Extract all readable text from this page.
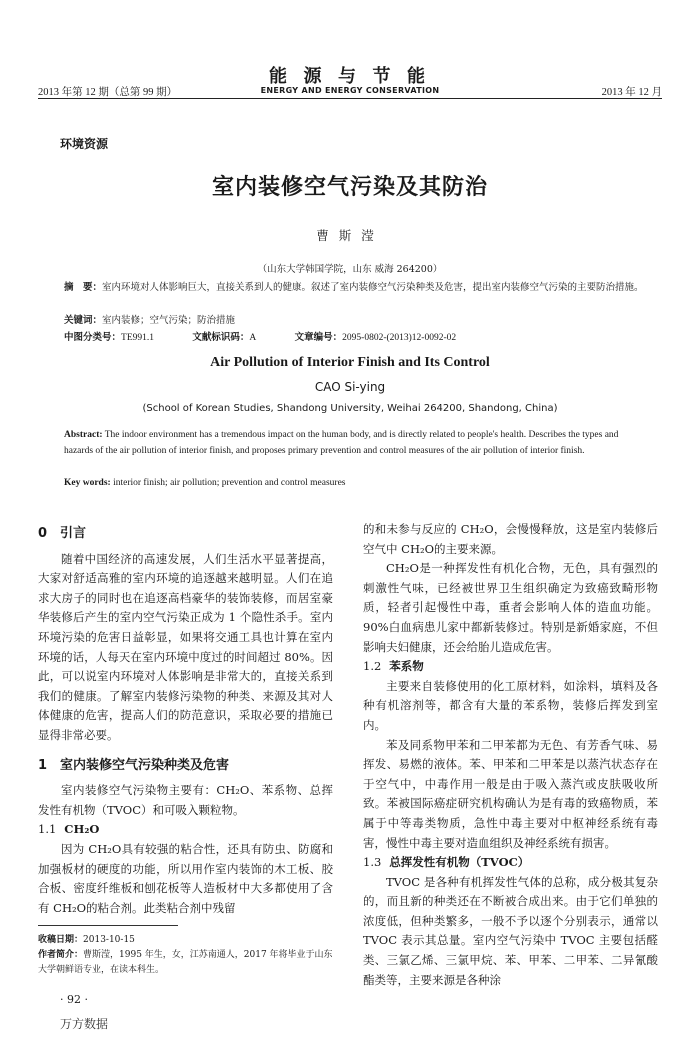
2013 年第 12 期（总第 99 期）
能 源 与 节 能
ENERGY AND ENERGY CONSERVATION	2013 年 12 月
环境资源
室内装修空气污染及其防治
曹斯滢
（山东大学韩国学院，山东 威海 264200）
摘　要：室内环境对人体影响巨大，直接关系到人的健康。叙述了室内装修空气污染种类及危害，提出室内装修空气污染的主要防治措施。
关键词：室内装修；空气污染；防治措施
中图分类号：TE991.1	文献标识码：A	文章编号：2095-0802-(2013)12-0092-02
Air Pollution of Interior Finish and Its Control
CAO Si-ying
(School of Korean Studies, Shandong University, Weihai 264200, Shandong, China)
Abstract: The indoor environment has a tremendous impact on the human body, and is directly related to people's health. Describes the types and hazards of the air pollution of interior finish, and proposes primary prevention and control measures of the air pollution of interior finish.
Key words: interior finish; air pollution; prevention and control measures
0　引言

随着中国经济的高速发展，人们生活水平显著提高，大家对舒适高雅的室内环境的追逐越来越明显。人们在追求大房子的同时也在追逐高档豪华的装饰装修，而居室豪华装修后产生的室内空气污染正成为 1 个隐性杀手。室内环境污染的危害日益彰显，如果将交通工具也计算在室内环境的话，人每天在室内环境中度过的时间超过 80%。因此，可以说室内环境对人体影响是非常大的，直接关系到我们的健康。了解室内装修污染物的种类、来源及其对人体健康的危害，提高人们的防范意识，采取必要的措施已显得非常必要。

1　室内装修空气污染种类及危害

室内装修空气污染物主要有：CH₂O、苯系物、总挥发性有机物（TVOC）和可吸入颗粒物。

1.1 CH₂O

因为 CH₂O具有较强的粘合性，还具有防虫、防腐和加强板材的硬度的功能，所以用作室内装饰的木工板、胶合板、密度纤维板和刨花板等人造板材中大多都使用了含有 CH₂O的粘合剂。此类粘合剂中残留

的和未参与反应的 CH₂O，会慢慢释放，这是室内装修后空气中 CH₂O的主要来源。

CH₂O是一种挥发性有机化合物，无色，具有强烈的刺激性气味，已经被世界卫生组织确定为致癌致畸形物质，轻者引起慢性中毒，重者会影响人体的造血功能。90%白血病患儿家中都新装修过。特别是新婚家庭，不但影响夫妇健康，还会给胎儿造成危害。

1.2 苯系物

主要来自装修使用的化工原材料，如涂料，填料及各种有机溶剂等，都含有大量的苯系物，装修后挥发到室内。

苯及同系物甲苯和二甲苯都为无色、有芳香气味、易挥发、易燃的液体。苯、甲苯和二甲苯是以蒸汽状态存在于空气中，中毒作用一般是由于吸入蒸汽或皮肤吸收所致。苯被国际癌症研究机构确认为是有毒的致癌物质，苯属于中等毒类物质，急性中毒主要对中枢神经系统有毒害，慢性中毒主要对造血组织及神经系统有损害。

1.3 总挥发性有机物（TVOC）

TVOC 是各种有机挥发性气体的总称，成分极其复杂的，而且新的种类还在不断被合成出来。由于它们单独的浓度低，但种类繁多，一般不予以逐个分别表示，通常以 TVOC 表示其总量。室内空气污染中 TVOC 主要包括醛类、三氯乙烯、三氯甲烷、苯、甲苯、二甲苯、二异氰酸酯类等，主要来源是各种涂

收稿日期：2013-10-15
作者简介：曹斯滢，1995 年生，女，江苏南通人，2017 年将毕业于山东大学朝鲜语专业，在读本科生。
· 92 ·
万方数据
